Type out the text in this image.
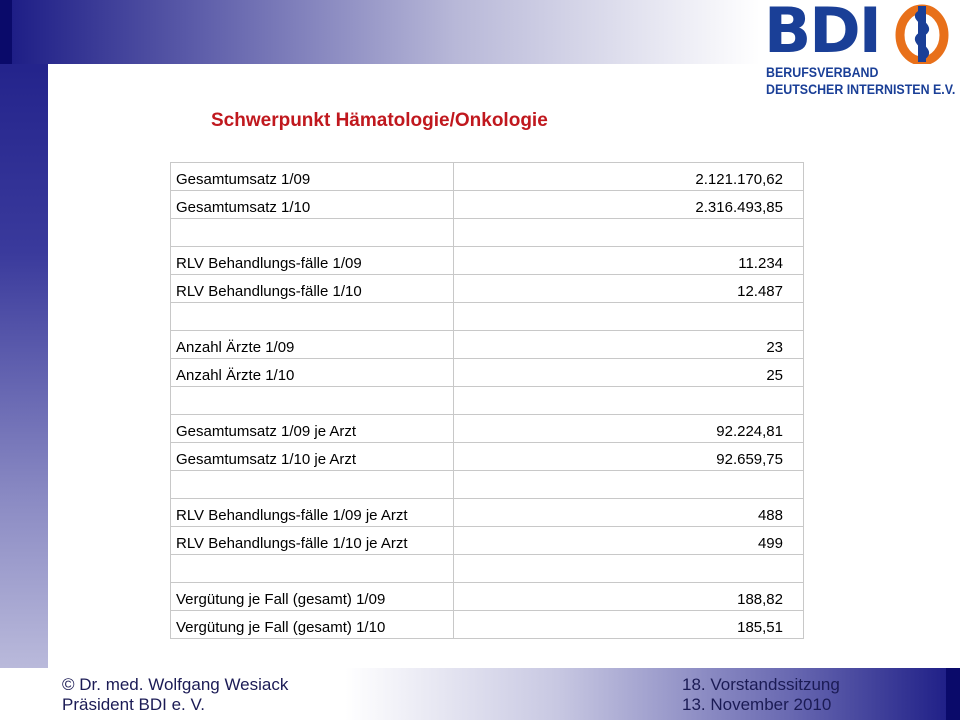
BDI
BERUFSVERBAND
DEUTSCHER INTERNISTEN E.V.
Schwerpunkt Hämatologie/Onkologie
Gesamtumsatz 1/09	2.121.170,62
Gesamtumsatz 1/10	2.316.493,85

RLV Behandlungs-fälle 1/09	11.234
RLV Behandlungs-fälle 1/10	12.487

Anzahl Ärzte 1/09	23
Anzahl Ärzte 1/10	25

Gesamtumsatz 1/09 je Arzt	92.224,81
Gesamtumsatz 1/10 je Arzt	92.659,75

RLV Behandlungs-fälle 1/09 je Arzt	488
RLV Behandlungs-fälle 1/10 je Arzt	499

Vergütung je Fall (gesamt) 1/09	188,82
Vergütung je Fall (gesamt) 1/10	185,51
© Dr. med. Wolfgang Wesiack
Präsident BDI e. V.
18. Vorstandssitzung
13. November 2010
